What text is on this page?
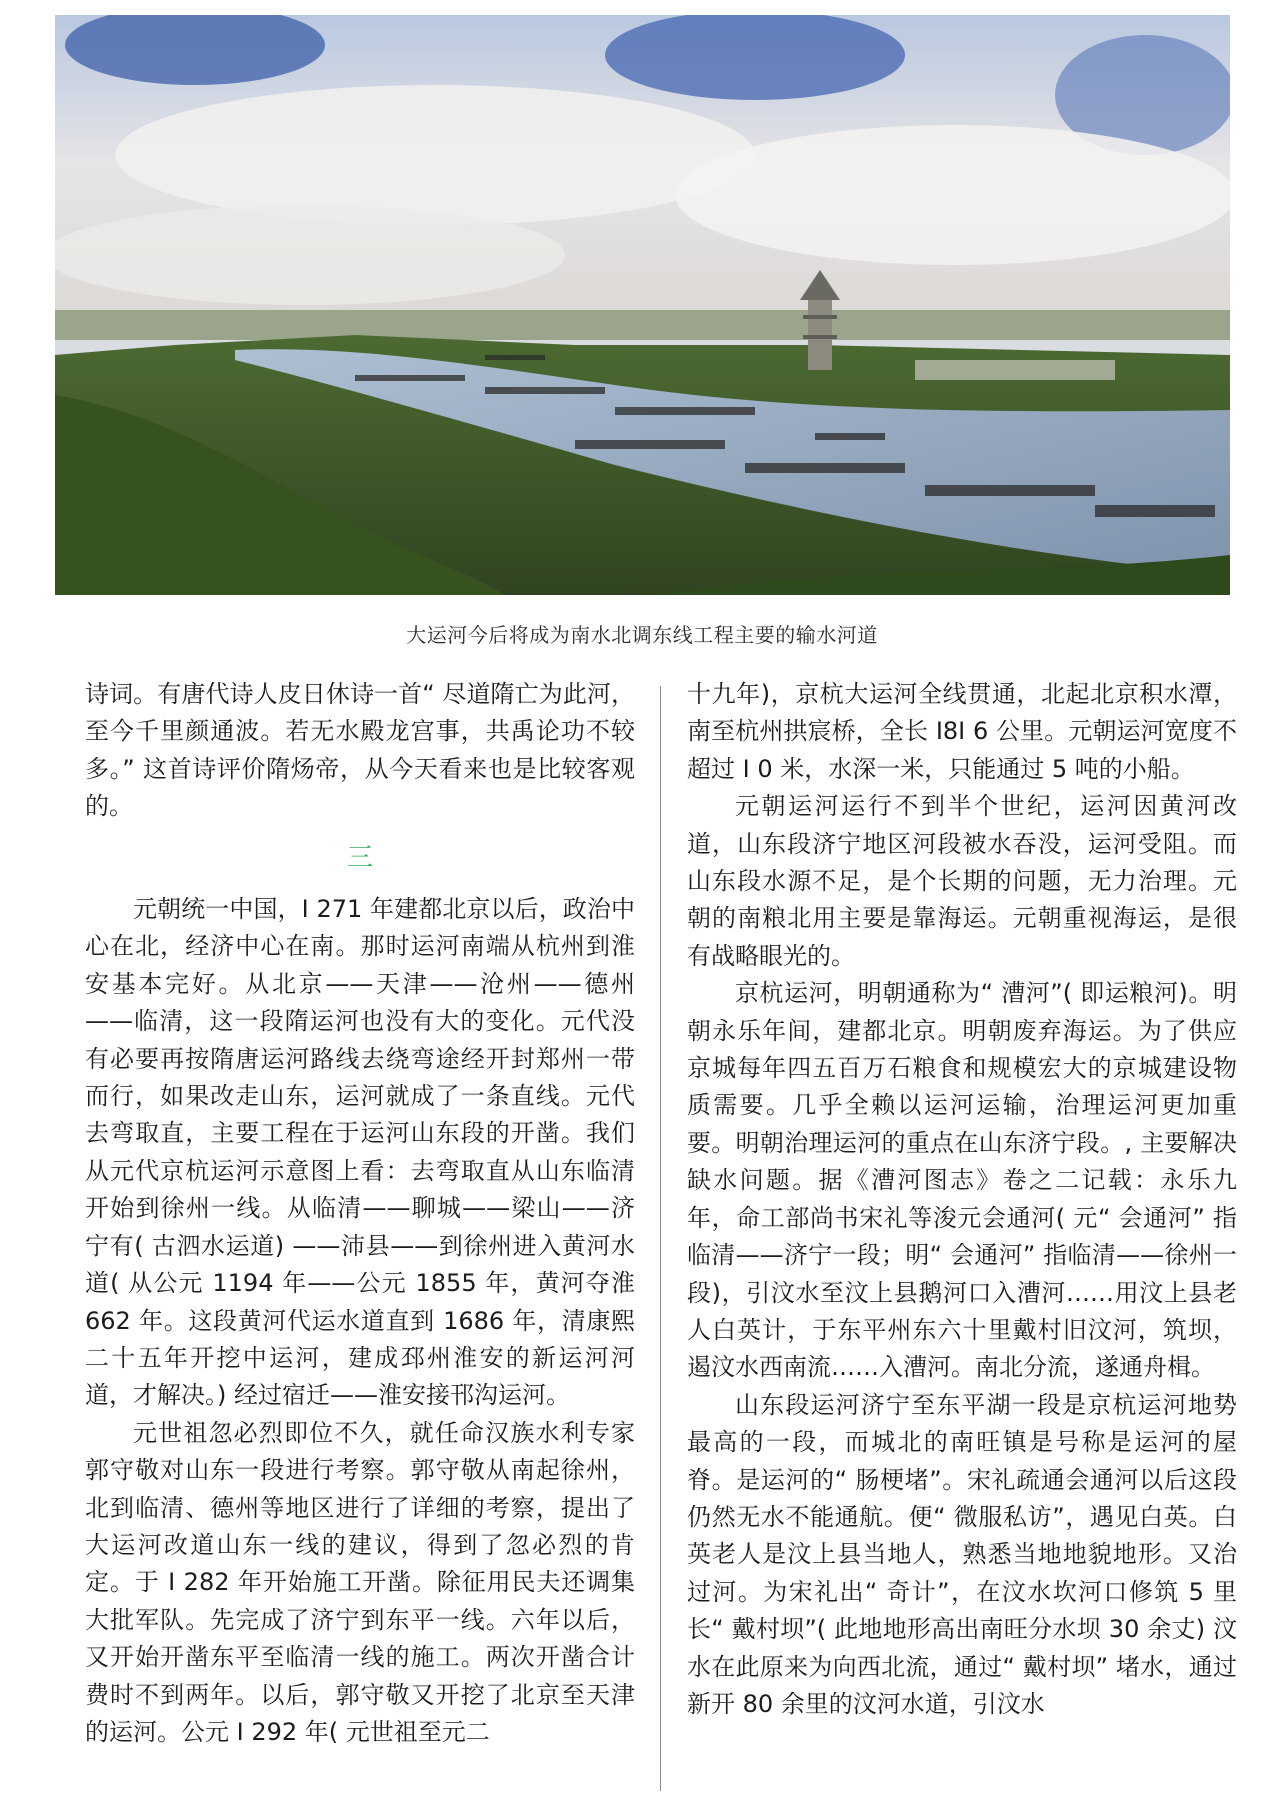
大运河今后将成为南水北调东线工程主要的输水河道

诗词。有唐代诗人皮日休诗一首“ 尽道隋亡为此河，至今千里颜通波。若无水殿龙宫事，共禹论功不较多。” 这首诗评价隋炀帝，从今天看来也是比较客观的。

三

元朝统一中国，I 271 年建都北京以后，政治中心在北，经济中心在南。那时运河南端从杭州到淮安基本完好。从北京——天津——沧州——德州——临清，这一段隋运河也没有大的变化。元代没有必要再按隋唐运河路线去绕弯途经开封郑州一带而行，如果改走山东，运河就成了一条直线。元代去弯取直，主要工程在于运河山东段的开凿。我们从元代京杭运河示意图上看：去弯取直从山东临清开始到徐州一线。从临清——聊城——梁山——济宁有( 古泗水运道) ——沛县——到徐州进入黄河水道( 从公元 1194 年——公元 1855 年，黄河夺淮 662 年。这段黄河代运水道直到 1686 年，清康熙二十五年开挖中运河，建成邳州淮安的新运河河道，才解决。) 经过宿迁——淮安接邗沟运河。

元世祖忽必烈即位不久，就任命汉族水利专家郭守敬对山东一段进行考察。郭守敬从南起徐州，北到临清、德州等地区进行了详细的考察，提出了大运河改道山东一线的建议，得到了忽必烈的肯定。于 I 282 年开始施工开凿。除征用民夫还调集大批军队。先完成了济宁到东平一线。六年以后，又开始开凿东平至临清一线的施工。两次开凿合计费时不到两年。以后，郭守敬又开挖了北京至天津的运河。公元 I 292 年( 元世祖至元二

十九年)，京杭大运河全线贯通，北起北京积水潭，南至杭州拱宸桥，全长 I8I 6 公里。元朝运河宽度不超过 I 0 米，水深一米，只能通过 5 吨的小船。

元朝运河运行不到半个世纪，运河因黄河改道，山东段济宁地区河段被水吞没，运河受阻。而山东段水源不足，是个长期的问题，无力治理。元朝的南粮北用主要是靠海运。元朝重视海运，是很有战略眼光的。

京杭运河，明朝通称为“ 漕河”( 即运粮河)。明朝永乐年间，建都北京。明朝废弃海运。为了供应京城每年四五百万石粮食和规模宏大的京城建设物质需要。几乎全赖以运河运输，治理运河更加重要。明朝治理运河的重点在山东济宁段。, 主要解决缺水问题。据《漕河图志》卷之二记载：永乐九年，命工部尚书宋礼等浚元会通河( 元“ 会通河” 指临清——济宁一段；明“ 会通河” 指临清——徐州一段)，引汶水至汶上县鹅河口入漕河……用汶上县老人白英计，于东平州东六十里戴村旧汶河，筑坝，遏汶水西南流……入漕河。南北分流，遂通舟楫。

山东段运河济宁至东平湖一段是京杭运河地势最高的一段，而城北的南旺镇是号称是运河的屋脊。是运河的“ 肠梗堵”。宋礼疏通会通河以后这段仍然无水不能通航。便“ 微服私访”，遇见白英。白英老人是汶上县当地人，熟悉当地地貌地形。又治过河。为宋礼出“ 奇计”，在汶水坎河口修筑 5 里长“ 戴村坝”( 此地地形高出南旺分水坝 30 余丈) 汶水在此原来为向西北流，通过“ 戴村坝” 堵水，通过新开 80 余里的汶河水道，引汶水
